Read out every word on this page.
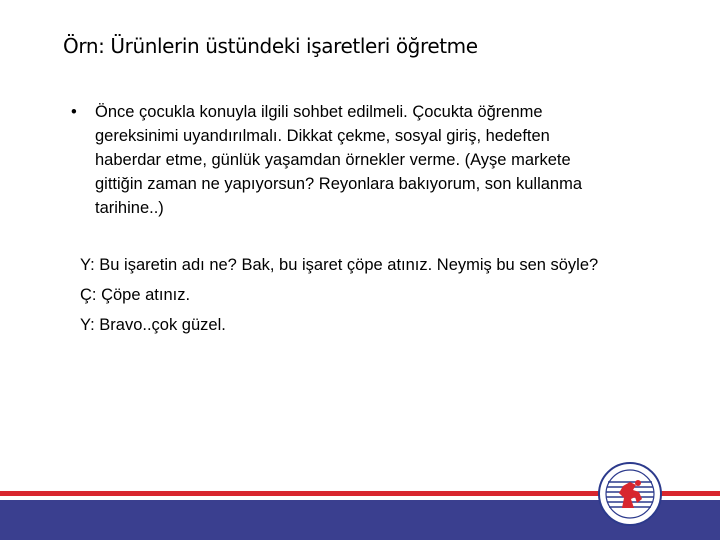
Örn: Ürünlerin üstündeki işaretleri öğretme
•	Önce çocukla konuyla ilgili sohbet edilmeli. Çocukta öğrenme
gereksinimi uyandırılmalı. Dikkat çekme, sosyal giriş, hedeften
haberdar etme, günlük yaşamdan örnekler verme. (Ayşe markete
gittiğin zaman ne yapıyorsun? Reyonlara bakıyorum, son kullanma
tarihine..)
Y: Bu işaretin adı ne? Bak, bu işaret çöpe atınız. Neymiş bu sen söyle?
Ç: Çöpe atınız.
Y: Bravo..çok güzel.
